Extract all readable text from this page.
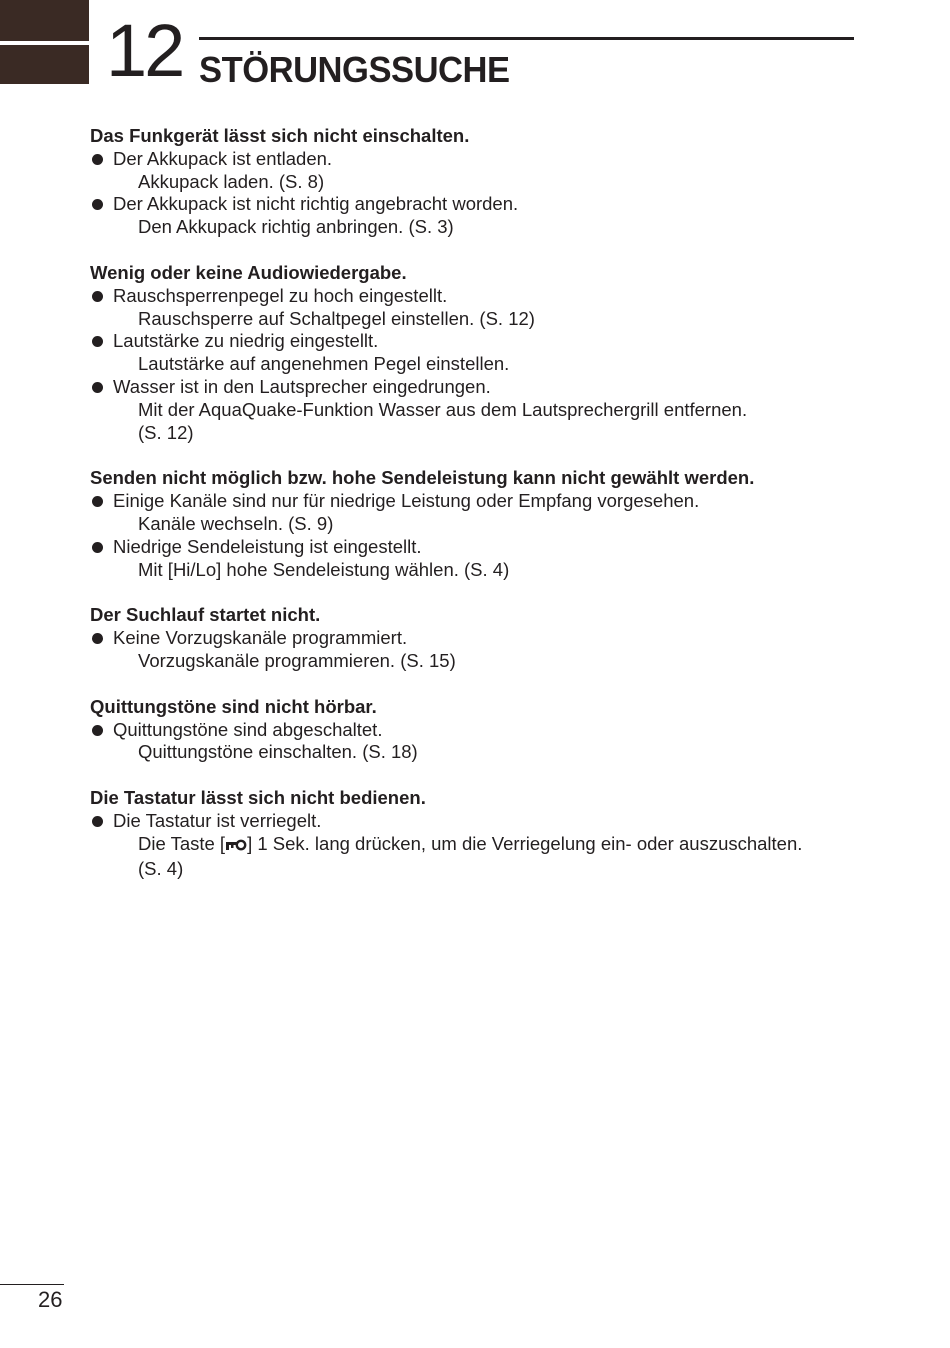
12 STÖRUNGSSUCHE
Das Funkgerät lässt sich nicht einschalten.
Der Akkupack ist entladen.
Akkupack laden. (S. 8)
Der Akkupack ist nicht richtig angebracht worden.
Den Akkupack richtig anbringen. (S. 3)
Wenig oder keine Audiowiedergabe.
Rauschsperrenpegel zu hoch eingestellt.
Rauschsperre auf Schaltpegel einstellen. (S. 12)
Lautstärke zu niedrig eingestellt.
Lautstärke auf angenehmen Pegel einstellen.
Wasser ist in den Lautsprecher eingedrungen.
Mit der AquaQuake-Funktion Wasser aus dem Lautsprechergrill entfernen.
(S. 12)
Senden nicht möglich bzw. hohe Sendeleistung kann nicht gewählt werden.
Einige Kanäle sind nur für niedrige Leistung oder Empfang vorgesehen.
Kanäle wechseln. (S. 9)
Niedrige Sendeleistung ist eingestellt.
Mit [Hi/Lo] hohe Sendeleistung wählen. (S. 4)
Der Suchlauf startet nicht.
Keine Vorzugskanäle programmiert.
Vorzugskanäle programmieren. (S. 15)
Quittungstöne sind nicht hörbar.
Quittungstöne sind abgeschaltet.
Quittungstöne einschalten. (S. 18)
Die Tastatur lässt sich nicht bedienen.
Die Tastatur ist verriegelt.
Die Taste [ ] 1 Sek. lang drücken, um die Verriegelung ein- oder auszuschalten.
(S. 4)
26
